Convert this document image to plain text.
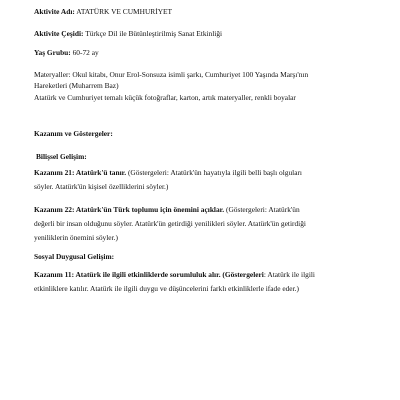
Aktivite Adı: ATATÜRK VE CUMHURİYET
Aktivite Çeşidi: Türkçe Dil ile Bütünleştirilmiş Sanat Etkinliği
Yaş Grubu: 60-72 ay
Materyaller: Okul kitabı, Onur Erol-Sonsuza isimli şarkı, Cumhuriyet 100 Yaşında Marşı'nın
Hareketleri (Muharrem Baz)
Atatürk ve Cumhuriyet temalı küçük fotoğraflar, karton, artık materyaller, renkli boyalar
Kazanım ve Göstergeler:
Bilişsel Gelişim:
Kazanım 21: Atatürk'ü tanır. (Göstergeleri: Atatürk'ün hayatıyla ilgili belli başlı olguları
söyler. Atatürk'ün kişisel özelliklerini söyler.)
Kazanım 22: Atatürk'ün Türk toplumu için önemini açıklar. (Göstergeleri: Atatürk'ün
değerli bir insan olduğunu söyler. Atatürk'ün getirdiği yenilikleri söyler. Atatürk'ün getirdiği
yeniliklerin önemini söyler.)
Sosyal Duygusal Gelişim:
Kazanım 11: Atatürk ile ilgili etkinliklerde sorumluluk alır. (Göstergeleri: Atatürk ile ilgili
etkinliklere katılır. Atatürk ile ilgili duygu ve düşüncelerini farklı etkinliklerle ifade eder.)
